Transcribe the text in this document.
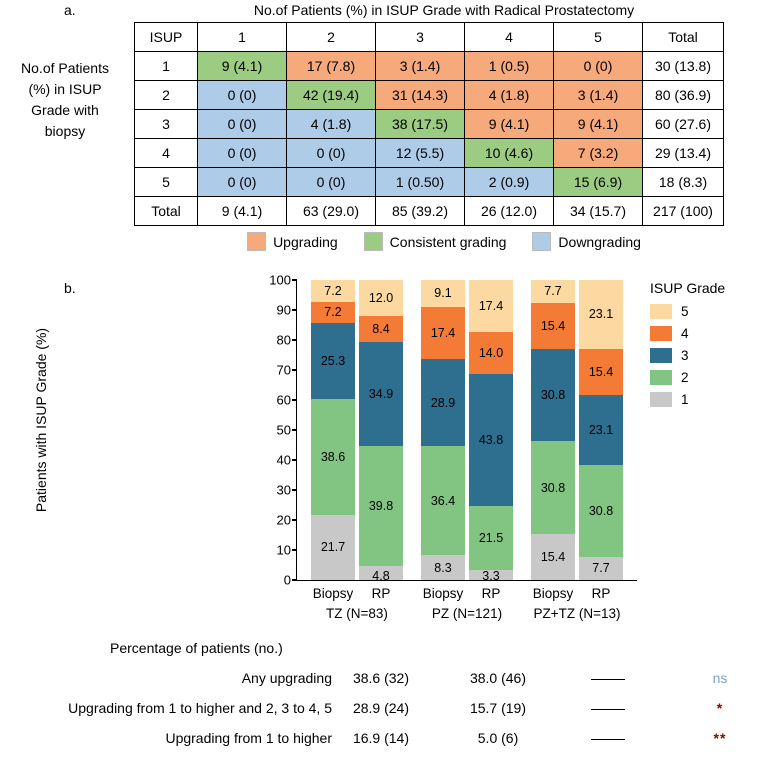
a.	No.of Patients (%) in ISUP Grade with Radical Prostatectomy
No.of Patients (%) in ISUP Grade with biopsy
ISUP	1	2	3	4	5	Total
1	9 (4.1)	17 (7.8)	3 (1.4)	1 (0.5)	0 (0)	30 (13.8)
2	0 (0)	42 (19.4)	31 (14.3)	4 (1.8)	3 (1.4)	80 (36.9)
3	0 (0)	4 (1.8)	38 (17.5)	9 (4.1)	9 (4.1)	60 (27.6)
4	0 (0)	0 (0)	12 (5.5)	10 (4.6)	7 (3.2)	29 (13.4)
5	0 (0)	0 (0)	1 (0.50)	2 (0.9)	15 (6.9)	18 (8.3)
Total	9 (4.1)	63 (29.0)	85 (39.2)	26 (12.0)	34 (15.7)	217 (100)
Upgrading	Consistent grading	Downgrading
b.
Patients with ISUP Grade (%)
0
10
20
30
40
50
60
70
80
90
100
7.2
7.2
25.3
38.6
21.7
Biopsy
12.0
8.4
34.9
39.8
4.8
RP
9.1
17.4
28.9
36.4
8.3
Biopsy
17.4
14.0
43.8
21.5
3.3
RP
7.7
15.4
30.8
30.8
15.4
Biopsy
23.1
15.4
23.1
30.8
7.7
RP
TZ (N=83)	PZ (N=121)	PZ+TZ (N=13)
ISUP Grade
5
4
3
2
1
Percentage of patients (no.)
Any upgrading	38.6 (32)	38.0 (46)	ns
Upgrading from 1 to higher and 2, 3 to 4, 5	28.9 (24)	15.7 (19)	*
Upgrading from 1 to higher	16.9 (14)	5.0 (6)	**
